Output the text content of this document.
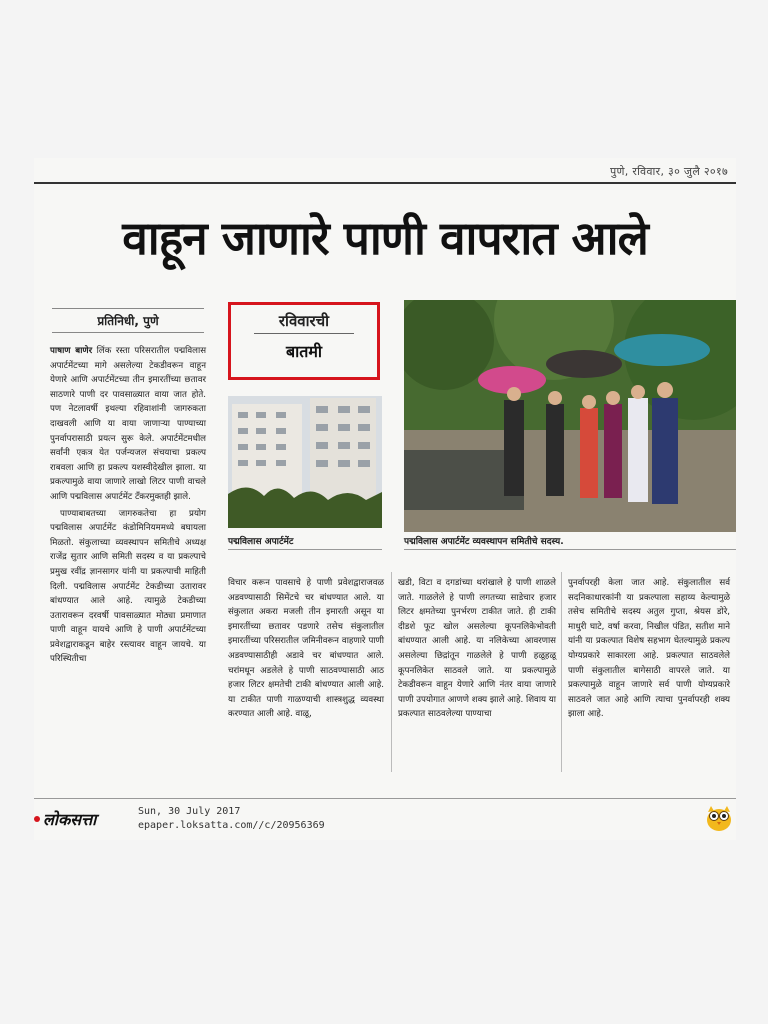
पुणे, रविवार, ३० जुलै २०१७
वाहून जाणारे पाणी वापरात आले
प्रतिनिधी, पुणे

पाषाण बाणेर लिंक रस्ता परिसरातील पद्मविलास अपार्टमेंटच्या मागे असलेल्या टेकडीवरून वाहून येणारे आणि अपार्टमेंटच्या तीन इमारतींच्या छतावर साठणारे पाणी दर पावसाळ्यात वाया जात होते. पण नेटलावर्षी इथल्या रहिवाशांनी जागरुकता दाखवली आणि या वाया जाणाऱ्या पाण्याच्या पुनर्वापरासाठी प्रयत्न सुरू केले. अपार्टमेंटमधील सर्वांनी एकत्र येत पर्जन्यजल संचयाचा प्रकल्प राबवला आणि हा प्रकल्प यशस्वीदेखील झाला. या प्रकल्पामुळे वाया जाणारे लाखो लिटर पाणी वाचले आणि पद्मविलास अपार्टमेंट टँकरमुक्तही झाले.

पाण्याबाबतच्या जागरुकतेचा हा प्रयोग पद्मविलास अपार्टमेंट कंडोमिनियममध्ये बघायला मिळतो. संकुलाच्या व्यवस्थापन समितीचे अध्यक्ष राजेंद्र सुतार आणि समिती सदस्य व या प्रकल्पाचे प्रमुख रवींद्र ज्ञानसागर यांनी या प्रकल्पाची माहिती दिली. पद्मविलास अपार्टमेंट टेकडीच्या उतारावर बांधण्यात आले आहे. त्यामुळे टेकडीच्या उतारावरून दरवर्षी पावसाळ्यात मोठ्या प्रमाणात पाणी वाहून यायचे आणि हे पाणी अपार्टमेंटच्या प्रवेशद्वाराकडून बाहेर रस्त्यावर वाहून जायचे. या परिस्थितीचा

रविवारची
बातमी
पद्मविलास अपार्टमेंट	पद्मविलास अपार्टमेंट व्यवस्थापन समितीचे सदस्य.
विचार करून पावसाचे हे पाणी प्रवेशद्वाराजवळ अडवण्यासाठी सिमेंटचे चर बांधण्यात आले. या संकुलात अकरा मजली तीन इमारती असून या इमारतींच्या छतावर पडणारे तसेच संकुलातील इमारतींच्या परिसरातील जमिनीवरून वाहणारे पाणी अडवण्यासाठीही अडावे चर बांधण्यात आले. चरांमधून अडलेले हे पाणी साठवण्यासाठी आठ हजार लिटर क्षमतेची टाकी बांधण्यात आली आहे. या टाकीत पाणी गाळण्याची शास्त्रशुद्ध व्यवस्था करण्यात आली आहे. वाळू,
खडी, विटा व दगडांच्या थरांखाले हे पाणी शाळले जाते. गाळलेले हे पाणी लगतच्या साडेचार हजार लिटर क्षमतेच्या पुनर्भरण टाकीत जाते. ही टाकी दीडशे फूट खोल असलेल्या कूपनलिकेभोवती बांधण्यात आली आहे. या नलिकेच्या आवरणास असलेल्या छिद्रांतून गाळलेले हे पाणी हळूहळू कूपनलिकेत साठवले जाते. या प्रकल्पामुळे टेकडीवरून वाहून येणारे आणि नंतर वाया जाणारे पाणी उपयोगात आणणे शक्य झाले आहे. शिवाय या प्रकल्पात साठवलेल्या पाण्याचा
पुनर्वापरही केला जात आहे. संकुलातील सर्व सदनिकाधारकांनी या प्रकल्पाला सहाय्य केल्यामुळे तसेच समितीचे सदस्य अतुल गुप्ता, श्रेयस डोरे, माधुरी घाटे, वर्षा करवा, निखील पंडित, सतीश माने यांनी या प्रकल्पात विशेष सहभाग घेतल्यामुळे प्रकल्प योग्यप्रकारे साकारला आहे. प्रकल्पात साठवलेले पाणी संकुलातील बागेसाठी वापरले जाते. या प्रकल्पामुळे वाहून जाणारे सर्व पाणी योग्यप्रकारे साठवले जात आहे आणि त्याचा पुनर्वापरही शक्य झाला आहे.
लोकसत्ता	Sun, 30 July 2017
epaper.loksatta.com//c/20956369
